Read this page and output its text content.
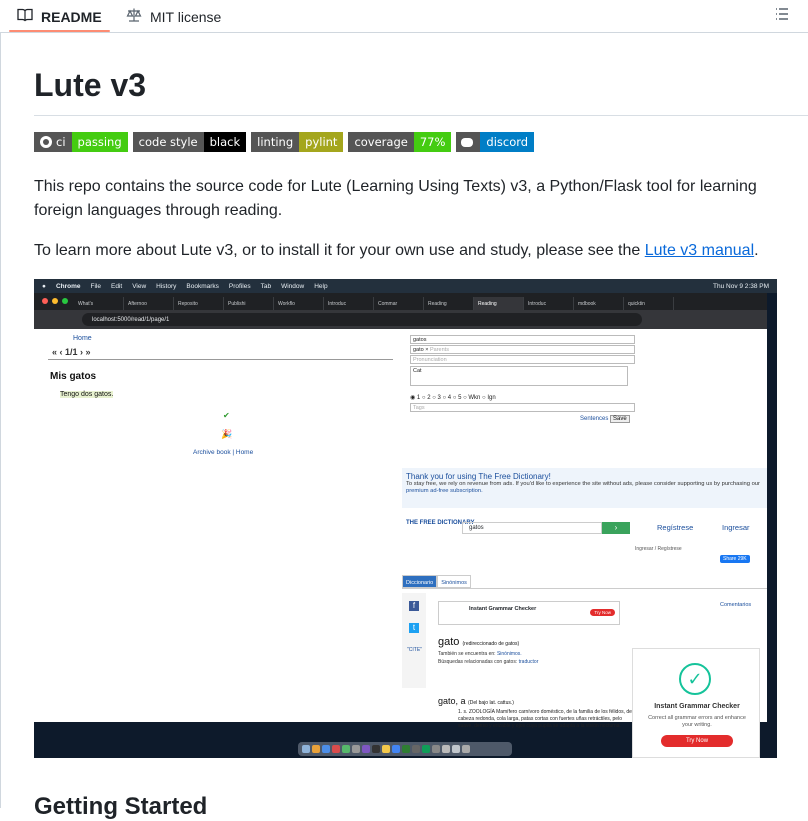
README	MIT license
Lute v3
ci	passing	code style	black	linting	pylint	coverage	77%	discord

This repo contains the source code for Lute (Learning Using Texts) v3, a Python/Flask tool for learning foreign languages through reading.

To learn more about Lute v3, or to install it for your own use and study, please see the Lute v3 manual.

● Chrome File Edit View History Bookmarks Profiles Tab Window Help	Thu Nov 9 2:38 PM
What's	Afternoo	Reposito	Publishi	Workflo	Introduc	Commar	Reading	Reading	Introduc	mdbook	quicktin
localhost:5000/read/1/page/1
Home
« ‹ 1/1 › »
Mis gatos
Tengo dos gatos.
✔
🎉
Archive book | Home
gatos
gato × Parents
Pronunciation
Cat
◉ 1 ○ 2 ○ 3 ○ 4 ○ 5 ○ Wkn ○ Ign
Tags
Sentences Save
Thank you for using The Free Dictionary!
To stay free, we rely on revenue from ads. If you'd like to experience the site without ads, please consider supporting us by purchasing our premium ad-free subscription.
THE FREE DICTIONARY
gatos	›	Regístrese	Ingresar
Ingresar / Regístrese
Share 29K
Diccionario	Sinónimos
f
t
"CITE"
Instant Grammar Checker
Try Now
Comentarios
gato (redireccionado de gatos)
También se encuentra en: Sinónimos.
Búsquedas relacionadas con gatos: traductor
gato, a (Del bajo lat. cattus.)
1. s. ZOOLOGÍA Mamífero carnívoro doméstico, de la familia de los félidos, de cabeza redonda, cola larga, patas cortas con fuertes uñas retráctiles, pelo suave, denso y erizable y ojos cuya pupila se adapta a la visión nocturna.
✓
Instant Grammar Checker
Correct all grammar errors and enhance your writing.
Try Now
Getting Started
